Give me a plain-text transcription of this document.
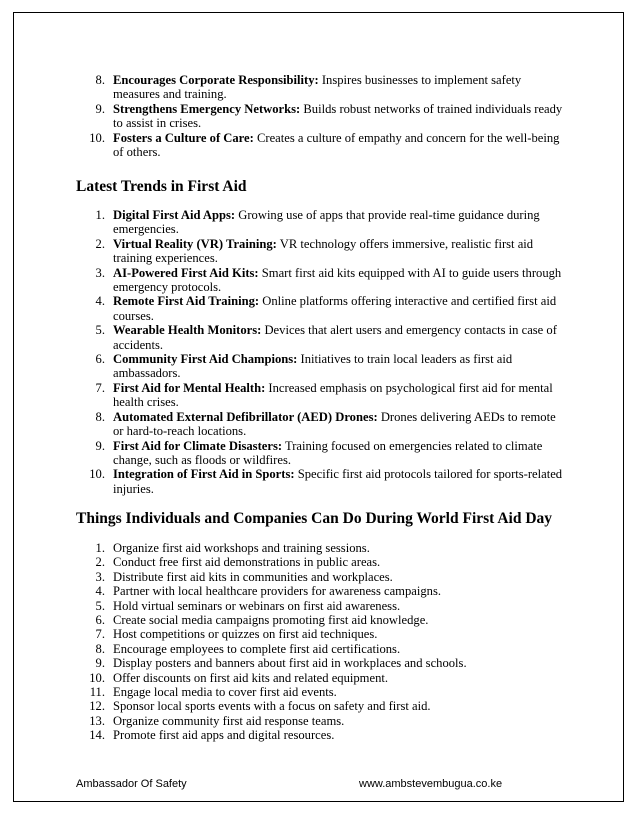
8. Encourages Corporate Responsibility: Inspires businesses to implement safety measures and training.
9. Strengthens Emergency Networks: Builds robust networks of trained individuals ready to assist in crises.
10. Fosters a Culture of Care: Creates a culture of empathy and concern for the well-being of others.
Latest Trends in First Aid
1. Digital First Aid Apps: Growing use of apps that provide real-time guidance during emergencies.
2. Virtual Reality (VR) Training: VR technology offers immersive, realistic first aid training experiences.
3. AI-Powered First Aid Kits: Smart first aid kits equipped with AI to guide users through emergency protocols.
4. Remote First Aid Training: Online platforms offering interactive and certified first aid courses.
5. Wearable Health Monitors: Devices that alert users and emergency contacts in case of accidents.
6. Community First Aid Champions: Initiatives to train local leaders as first aid ambassadors.
7. First Aid for Mental Health: Increased emphasis on psychological first aid for mental health crises.
8. Automated External Defibrillator (AED) Drones: Drones delivering AEDs to remote or hard-to-reach locations.
9. First Aid for Climate Disasters: Training focused on emergencies related to climate change, such as floods or wildfires.
10. Integration of First Aid in Sports: Specific first aid protocols tailored for sports-related injuries.
Things Individuals and Companies Can Do During World First Aid Day
1. Organize first aid workshops and training sessions.
2. Conduct free first aid demonstrations in public areas.
3. Distribute first aid kits in communities and workplaces.
4. Partner with local healthcare providers for awareness campaigns.
5. Hold virtual seminars or webinars on first aid awareness.
6. Create social media campaigns promoting first aid knowledge.
7. Host competitions or quizzes on first aid techniques.
8. Encourage employees to complete first aid certifications.
9. Display posters and banners about first aid in workplaces and schools.
10. Offer discounts on first aid kits and related equipment.
11. Engage local media to cover first aid events.
12. Sponsor local sports events with a focus on safety and first aid.
13. Organize community first aid response teams.
14. Promote first aid apps and digital resources.
Ambassador Of Safety	www.ambstevembugua.co.ke
